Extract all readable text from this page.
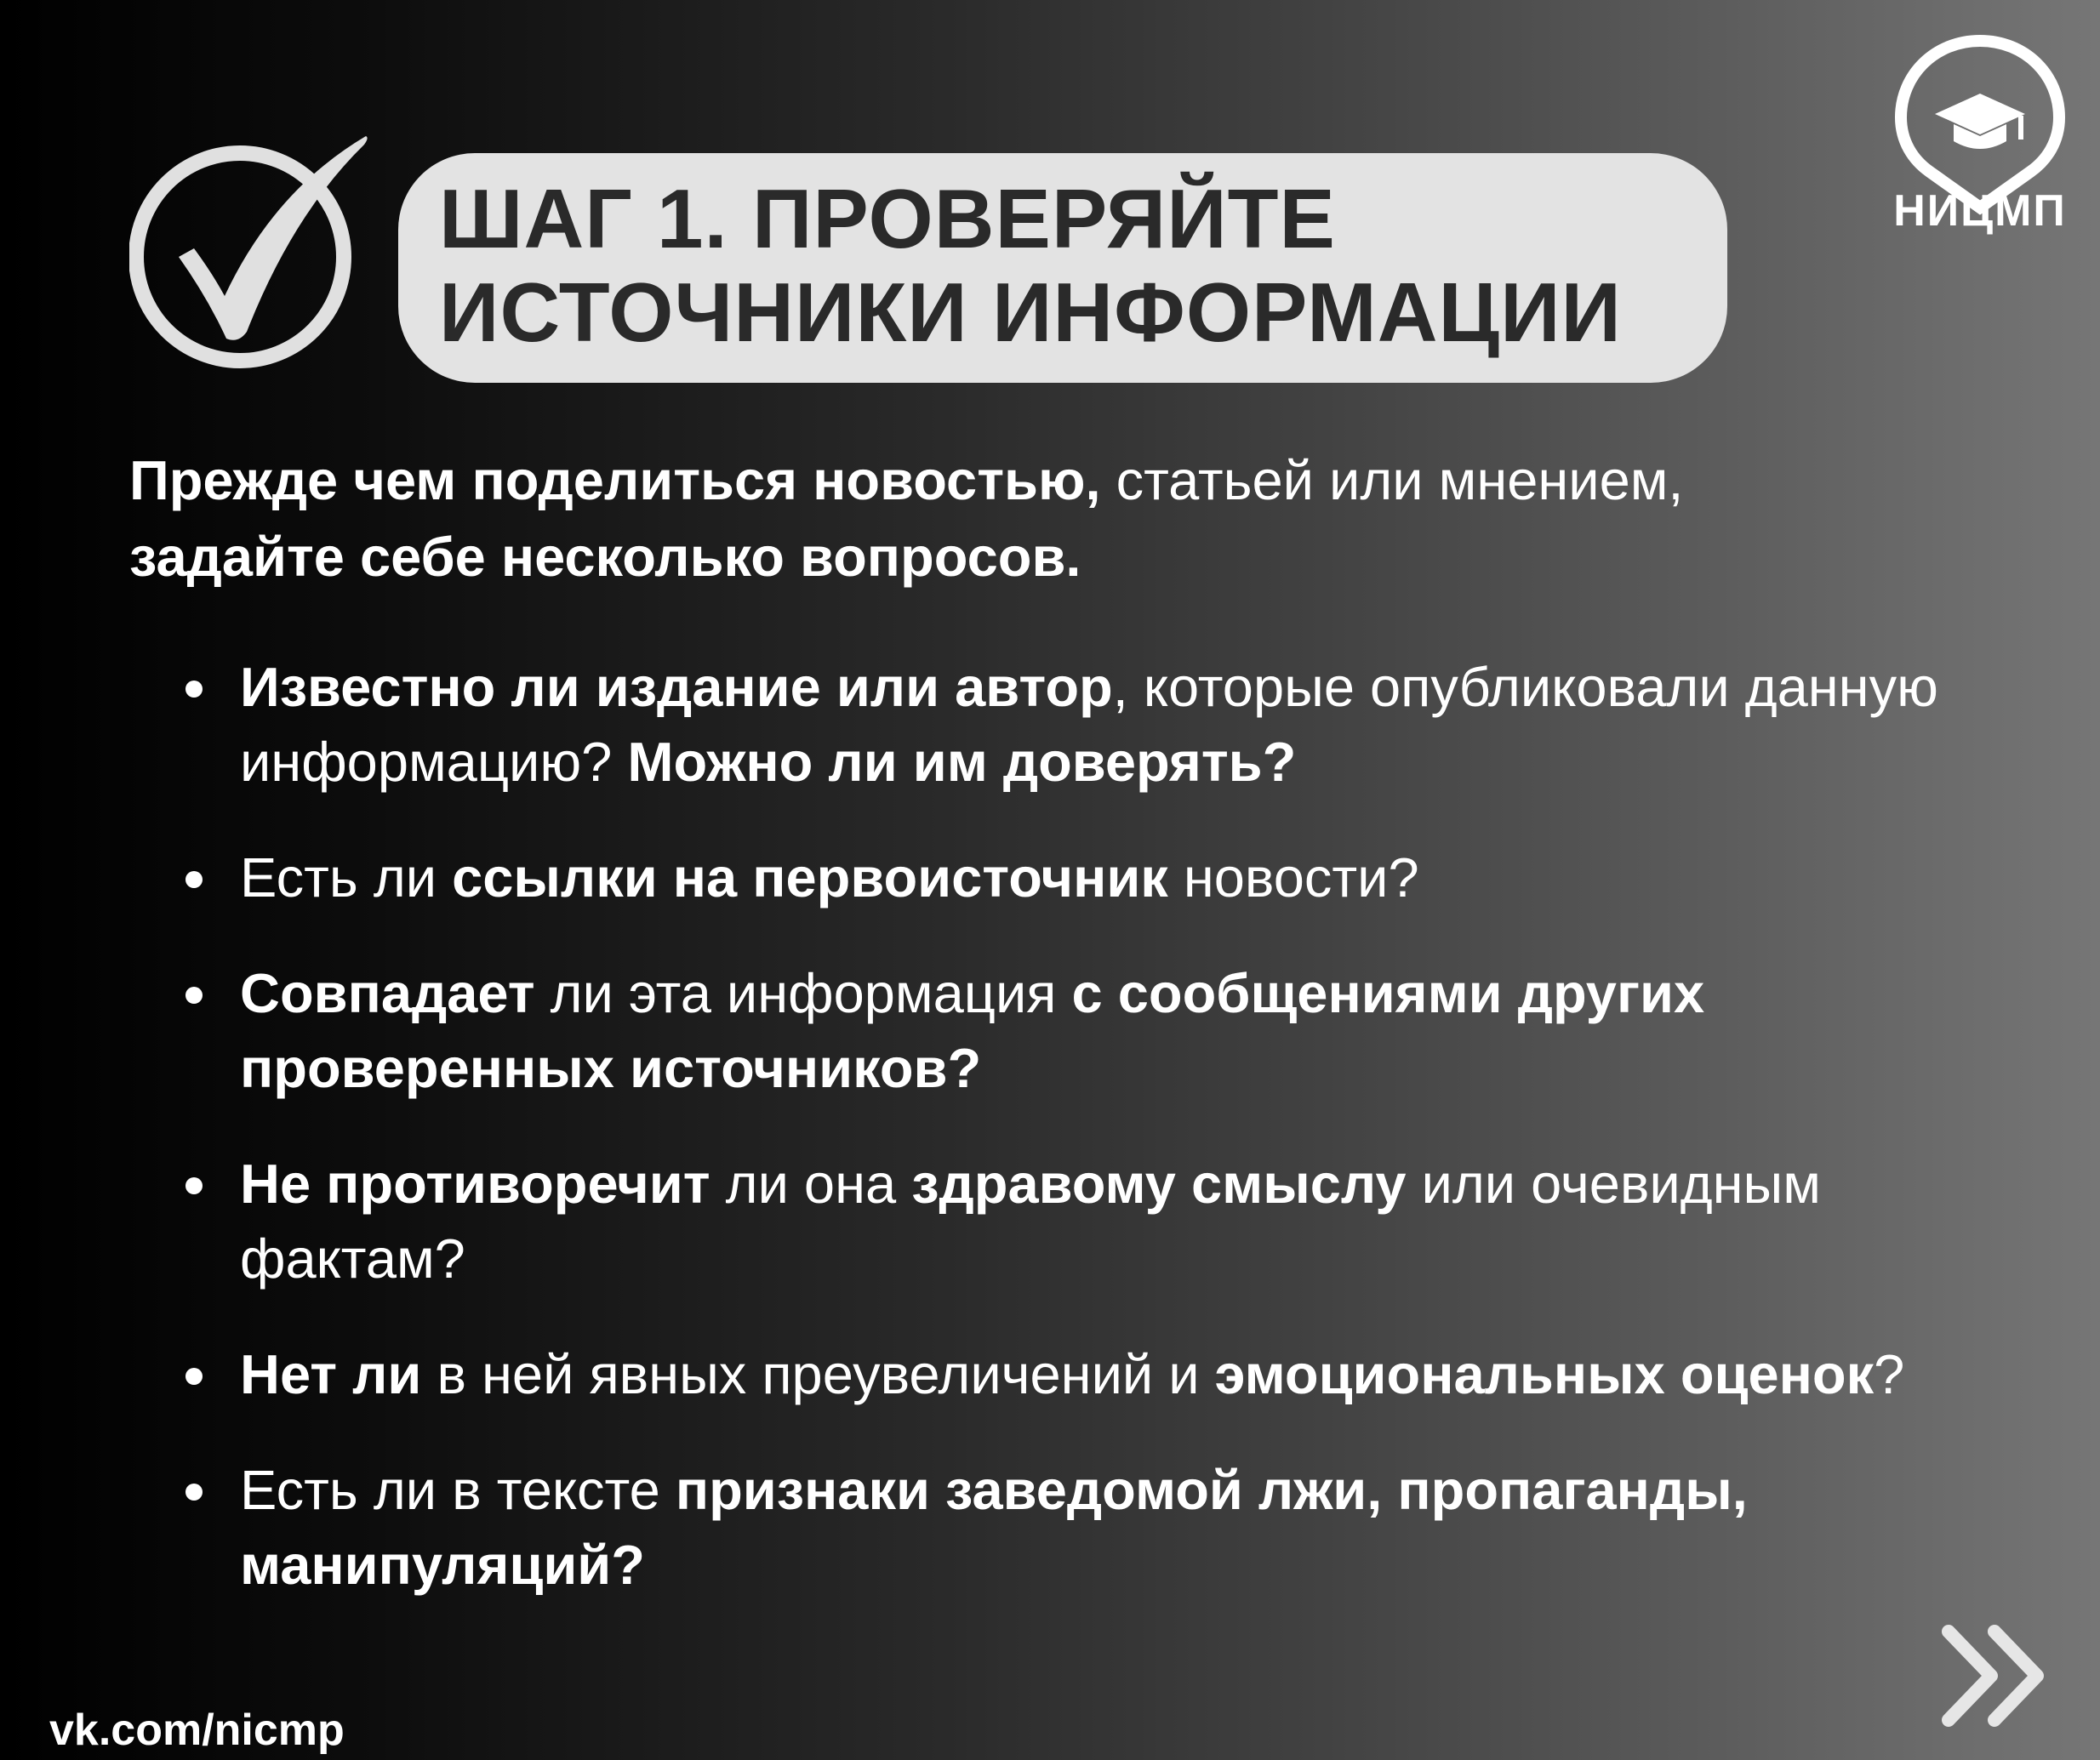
ШАГ 1. ПРОВЕРЯЙТЕ
ИСТОЧНИКИ ИНФОРМАЦИИ
НИЦМП
Прежде чем поделиться новостью, статьей или мнением,
задайте себе несколько вопросов.
Известно ли издание или автор, которые опубликовали данную информацию? Можно ли им доверять?
Есть ли ссылки на первоисточник новости?
Совпадает ли эта информация с сообщениями других проверенных источников?
Не противоречит ли она здравому смыслу или очевидным фактам?
Нет ли в ней явных преувеличений и эмоциональных оценок?
Есть ли в тексте признаки заведомой лжи, пропаганды, манипуляций?
vk.com/nicmp
